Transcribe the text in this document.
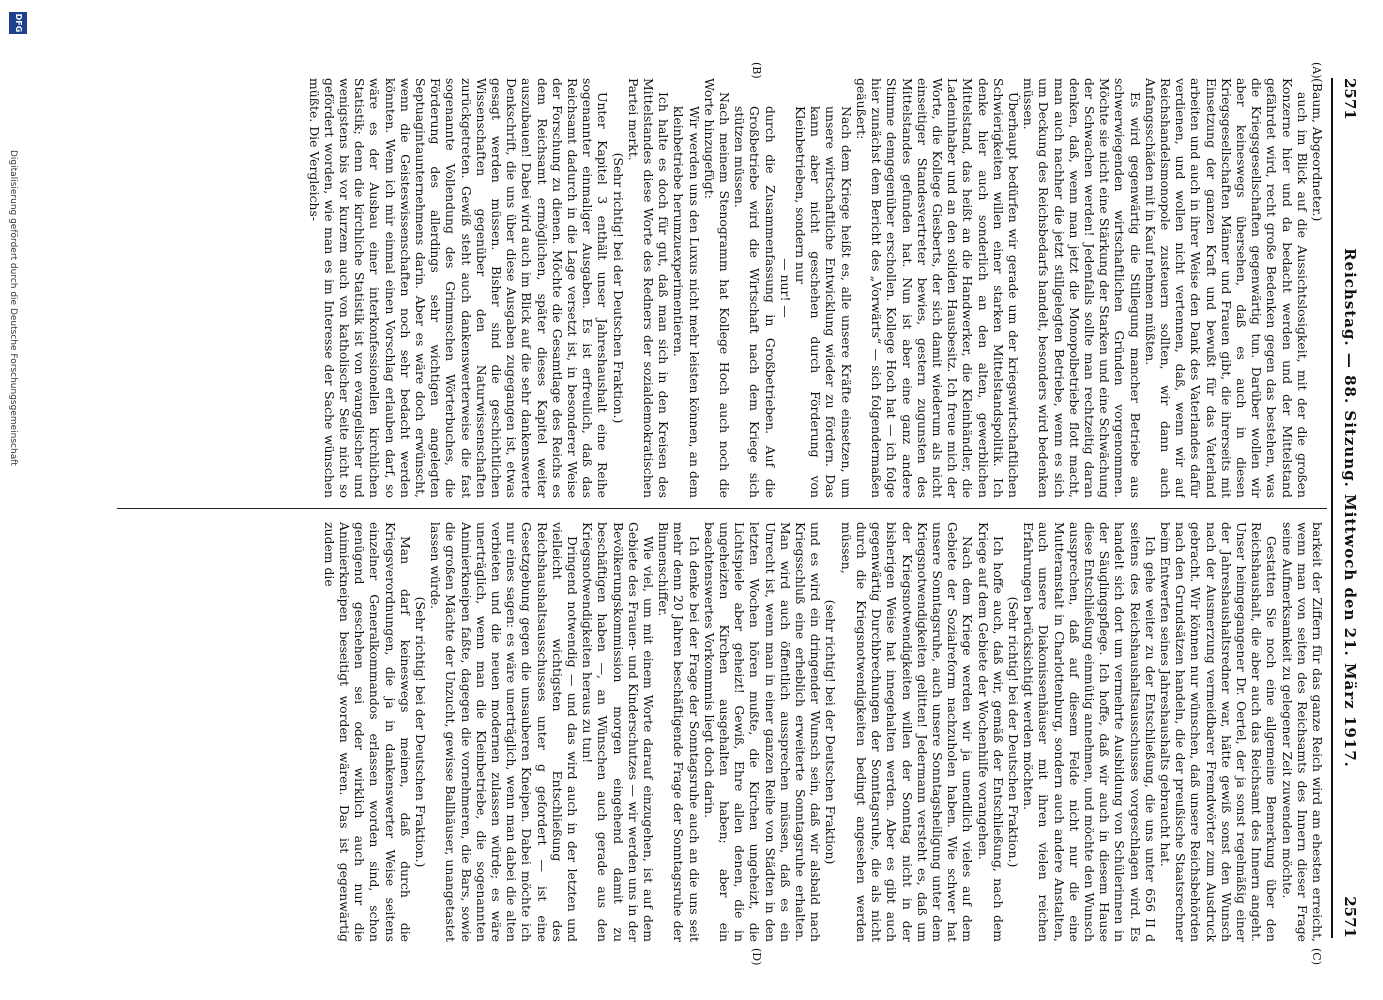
2571
Reichstag. — 88. Sitzung. Mittwoch den 21. März 1917.
2571
(A)
(B)
(C)
(D)

(Baum, Abgeordneter.)

auch im Blick auf die Aussichtslosigkeit, mit der die großen Konzerne hier und da bedacht werden und der Mittelstand gefährdet wird, recht große Bedenken gegen das bestehen, was die Kriegsgesellschaften gegenwärtig tun. Darüber wollen wir aber keineswegs übersehen, daß es auch in diesen Kriegsgesellschaften Männer und Frauen gibt, die ihrerseits mit Einsetzung der ganzen Kraft und bewußt für das Vaterland arbeiten und auch in ihrer Weise den Dank des Vaterlandes dafür verdienen, und wollen nicht vertennen, daß, wenn wir auf Reichshandelsmonopole zusteuern sollten, wir dann auch Anfangsschäden mit in Kauf nehmen müßten.

Es wird gegenwärtig die Stillegung mancher Betriebe aus schwerwiegenden wirtschaftlichen Gründen vorgenommen. Möchte sie nicht eine Stärkung der Starken und eine Schwächung der Schwachen werden! Jedenfalls sollte man rechtzeitig daran denken, daß, wenn man jetzt die Monopolbetriebe flott macht, man auch nachher die jetzt stillgelegten Betriebe, wenn es sich um Deckung des Reichsbedarfs handelt, besonders wird bedenken müssen.

Überhaupt bedürfen wir gerade um der kriegswirtschaftlichen Schwierigkeiten willen einer starken Mittelstandspolitik. Ich denke hier auch sonderlich an den alten, gewerblichen Mittelstand, das heißt an die Handwerker, die Kleinhändler, die Ladeninhaber und an den soliden Hausbesitz. Ich freue mich der Worte, die Kollege Giesberts, der sich damit wiederum als nicht einseitiger Standesvertreter bewies, gestern zugunsten des Mittelstandes gefunden hat. Nun ist aber eine ganz andere Stimme demgegenüber erschollen. Kollege Hoch hat — ich folge hier zunächst dem Bericht des „Vorwärts“ — sich folgendermaßen geäußert:

Nach dem Kriege heißt es, alle unsere Kräfte einsetzen, um unsere wirtschaftliche Entwicklung wieder zu fördern. Das kann aber nicht geschehen durch Förderung von Kleinbetrieben, sondern nur

— nur! —

durch die Zusammenfassung in Großbetrieben. Auf die Großbetriebe wird die Wirtschaft nach dem Kriege sich stützen müssen.

Nach meinem Stenogramm hat Kollege Hoch auch noch die Worte hinzugefügt:

Wir werden uns den Luxus nicht mehr leisten können, an dem kleinbetriebe herumzuexperimentieren.

Ich halte es doch für gut, daß man sich in den Kreisen des Mittelstandes diese Worte des Redners der sozialdemokratischen Partei merkt.

(Sehr richtig! bei der Deutschen Fraktion.)

Unter Kapitel 3 enthält unser Jahreshaushalt eine Reihe sogenannter einmaliger Ausgaben. Es ist erfreulich, daß das Reichsamt dadurch in die Lage versetzt ist, in besonderer Weise der Forschung zu dienen. Möchte die Gesamtlage des Reichs es dem Reichsamt ermöglichen, später dieses Kapitel weiter auszubauen! Dabei wird auch im Blick auf die sehr dankenswerte Denkschrift, die uns über diese Ausgaben zugegangen ist, etwas gesagt werden müssen. Bisher sind die geschichtlichen Wissenschaften gegenüber den Naturwissenschaften zurückgetreten. Gewiß steht auch dankenswerterweise die fast sogenannte Vollendung des Grimmschen Wörterbuches, die Förderung des allerdings sehr wichtigen angelegten Septuagintaunternehmens darin. Aber es wäre doch erwünscht, wenn die Geisteswissenschaften noch sehr bedacht werden könnten. Wenn ich mir einmal einen Vorschlag erlauben darf, so wäre es der Ausbau einer interkonfessionellen kirchlichen Statistik; denn die kirchliche Statistik ist von evangelischer und wenigstens bis vor kurzem auch von katholischer Seite nicht so gefördert worden, wie man es im Interesse der Sache wünschen müßte. Die Vergleichs-

barkeit der Ziffern für das ganze Reich wird am ehesten erreicht, wenn man von seiten des Reichsamts des Innern dieser Frage seine Aufmerksamkeit zu gelegener Zeit zuwenden möchte.

Gestatten Sie noch eine allgemeine Bemerkung über den Reichshaushalt, die aber auch das Reichsamt des Innern angeht. Unser heimgegangener Dr. Oertel, der ja sonst regelmäßig einer der Jahreshaushaltsredner war, hätte gewiß sonst den Wunsch nach der Ausmerzung vermeidbarer Fremdwörter zum Ausdruck gebracht. Wir können nur wünschen, daß unsere Reichsbehörden nach den Grundsätzen handeln, die der preußische Staatsrechner beim Entwerfen seines Jahreshaushalts gebraucht hat.

Ich gehe weiter zu der Entschließung, die uns unter 656 II d seitens des Reichshaushaltsausschusses vorgeschlagen wird. Es handelt sich dort um vermehrte Ausbildung von Schülerinnen in der Säuglingspflege. Ich hoffe, daß wir auch in diesem Hause diese Entschließung einmütig annehmen, und möchte den Wunsch aussprechen, daß auf diesem Felde nicht nur die eine Mutteranstalt in Charlottenburg, sondern auch andere Anstalten, auch unsere Diakonissenhäuser mit ihren vielen reichen Erfahrungen berücksichtigt werden möchten.

(Sehr richtig! bei der Deutschen Fraktion.)

Ich hoffe auch, daß wir, gemäß der Entschließung, nach dem Kriege auf dem Gebiete der Wochenhilfe vorangehen.

Nach dem Kriege werden wir ja unendlich vieles auf dem Gebiete der Sozialreform nachzuholen haben. Wie schwer hat unsere Sonntagsruhe, auch unsere Sonntagsheiligung unter dem Kriegsnotwendigkeiten gelitten! Jedermann versteht es, daß um der Kriegsnotwendigkeiten willen der Sonntag nicht in der bisherigen Weise hat innegehalten werden. Aber es gibt auch gegenwärtig Durchbrechungen der Sonntagsruhe, die als nicht durch die Kriegsnotwendigkeiten bedingt angesehen werden müssen,

(sehr richtig! bei der Deutschen Fraktion)

und es wird ein dringender Wunsch sein, daß wir alsbald nach Kriegsschluß eine erheblich erweiterte Sonntagsruhe erhalten. Man wird auch öffentlich aussprechen müssen, daß es ein Unrecht ist, wenn man in einer ganzen Reihe von Städten in den letzten Wochen hören mußte, die Kirchen ungeheizt, die Lichtspiele aber geheizt! Gewiß, Ehre allen denen, die in ungeheizten Kirchen ausgehalten haben; aber ein beachtenswertes Vorkommnis liegt doch darin.

Ich denke bei der Frage der Sonntagsruhe auch an die uns seit mehr denn 20 Jahren beschäftigende Frage der Sonntagsruhe der Binnenschiffer.

Wie viel, um mit einem Worte darauf einzugehen, ist auf dem Gebiete des Frauen- und Kinderschutzes — wir werden uns in der Bevölkerungskommission morgen eingehend damit zu beschäftigen haben —, an Wünschen auch gerade aus den Kriegsnotwendigkeiten heraus zu tun!

Dringend notwendig — und das wird auch in der letzten und vielleicht wichtigsten Entschließung des Reichshaushaltsausschusses unter g gefordert — ist eine Gesetzgebung gegen die unsauberen Kneipen. Dabei möchte ich nur eines sagen: es wäre unerträglich, wenn man dabei die alten verbieten und die neuen modernen zulassen würde; es wäre unerträglich, wenn man die Kleinbetriebe, die sogenannten Animierkneipen faßte, dagegen die vornehmeren, die Bars, sowie die großen Mächte der Unzucht, gewisse Ballhäuser, unangetastet lassen würde.

(Sehr richtig! bei der Deutschen Fraktion.)

Man darf keineswegs meinen, daß durch die Kriegsverordnungen, die ja in dankenswerter Weise seitens einzelner Generalkommandos erlassen worden sind, schon genügend geschehen sei oder wirklich auch nur die Animierkneipen beseitigt worden wären. Das ist gegenwärtig zudem die

Digitalisierung gefördert durch die Deutsche Forschungsgemeinschaft
DFG
